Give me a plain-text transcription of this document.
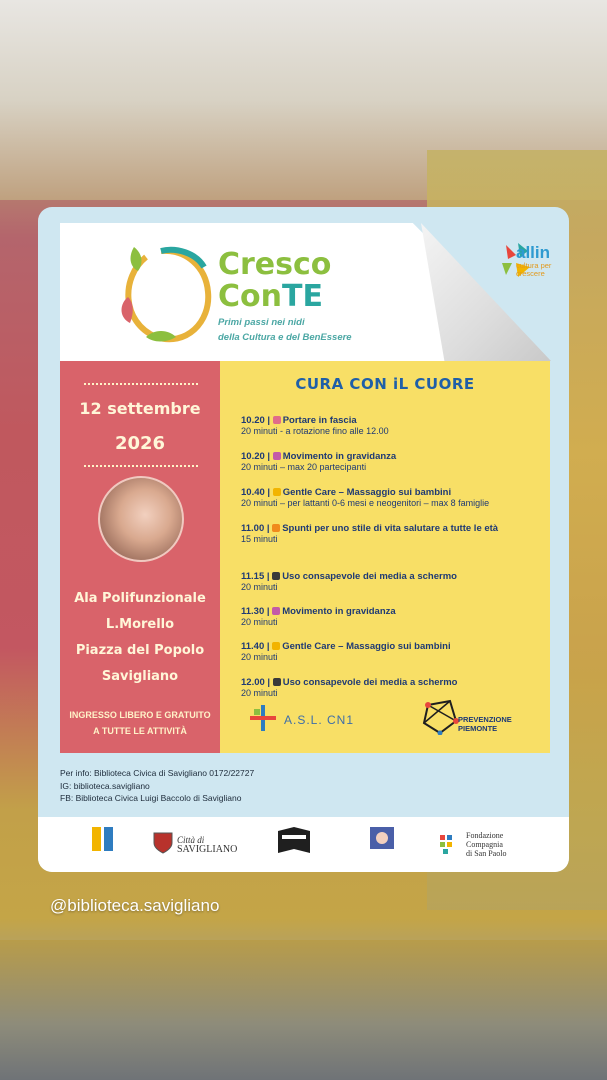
Cresco
ConTE
Primi passi nei nidi
della Cultura e del BenEssere
allin
cultura per
crescere
12 settembre
2026
Ala Polifunzionale
L.Morello
Piazza del Popolo
Savigliano
INGRESSO LIBERO E GRATUITO
A TUTTE LE ATTIVITÀ
CURA CON iL CUORE
10.20 | Portare in fascia
20 minuti - a rotazione fino alle 12.00
10.20 | Movimento in gravidanza
20 minuti – max 20 partecipanti
10.40 | Gentle Care – Massaggio sui bambini
20 minuti – per lattanti 0-6 mesi e neogenitori – max 8 famiglie
11.00 | Spunti per uno stile di vita salutare a tutte le età
15 minuti
11.15 | Uso consapevole dei media a schermo
20 minuti
11.30 | Movimento in gravidanza
20 minuti
11.40 | Gentle Care – Massaggio sui bambini
20 minuti
12.00 | Uso consapevole dei media a schermo
20 minuti
A.S.L. CN1	PREVENZIONE
PIEMONTE
Per info: Biblioteca Civica di Savigliano 0172/22727
IG: biblioteca.savigliano
FB: Biblioteca Civica Luigi Baccolo di Savigliano
Città di
SAVIGLIANO
Fondazione
Compagnia
di San Paolo
@biblioteca.savigliano
